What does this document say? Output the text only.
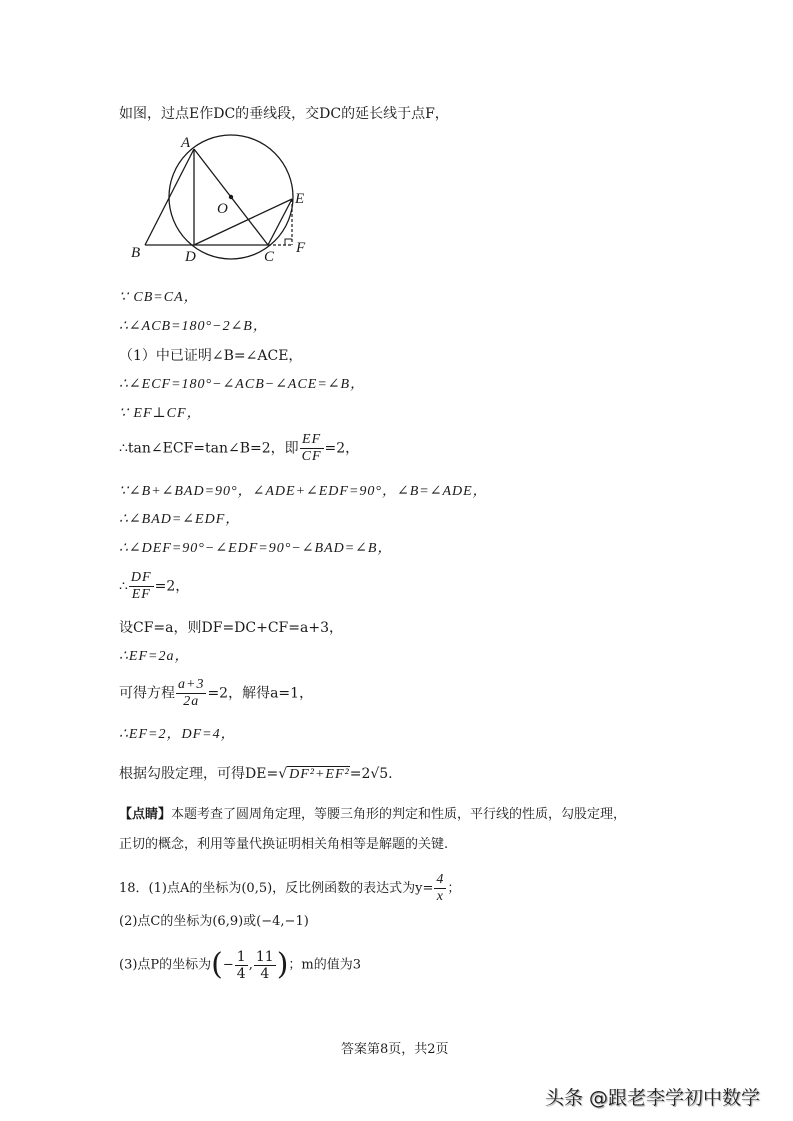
如图，过点E作DC的垂线段，交DC的延长线于点F，
A
B	C
D
E
F
O
∵ CB=CA，
∴∠ACB=180°−2∠B，
（1）中已证明∠B=∠ACE，
∴∠ECF=180°−∠ACB−∠ACE=∠B，
∵ EF⊥CF，
∴tan∠ECF=tan∠B=2，即 $\frac{EF}{CF} =2$，
∵∠B+∠BAD=90°，∠ADE+∠EDF=90°，∠B=∠ADE，
∴∠BAD=∠EDF，
∴∠DEF=90°−∠EDF=90°−∠BAD=∠B，
∴ $\frac{DF}{EF} =2$，
设CF=a，则DF=DC+CF=a+3，
∴EF=2a，
可得方程 $\frac{a+3}{2a} =2$，解得a=1，
∴EF=2，DF=4，
根据勾股定理，可得DE=√ DF²+EF²=2√5.
【点睛】本题考查了圆周角定理，等腰三角形的判定和性质，平行线的性质，勾股定理，
正切的概念，利用等量代换证明相关角相等是解题的关键.
18．(1)点A的坐标为(0,5)，反比例函数的表达式为$y= \frac{4}{x}$ ；
(2)点C的坐标为(6,9)或(−4,−1)
(3)点P的坐标为(− $\frac{1}{4}$ , $\frac{11}{4}$ )；m的值为3
答案第8页，共2页
头条 @跟老李学初中数学
